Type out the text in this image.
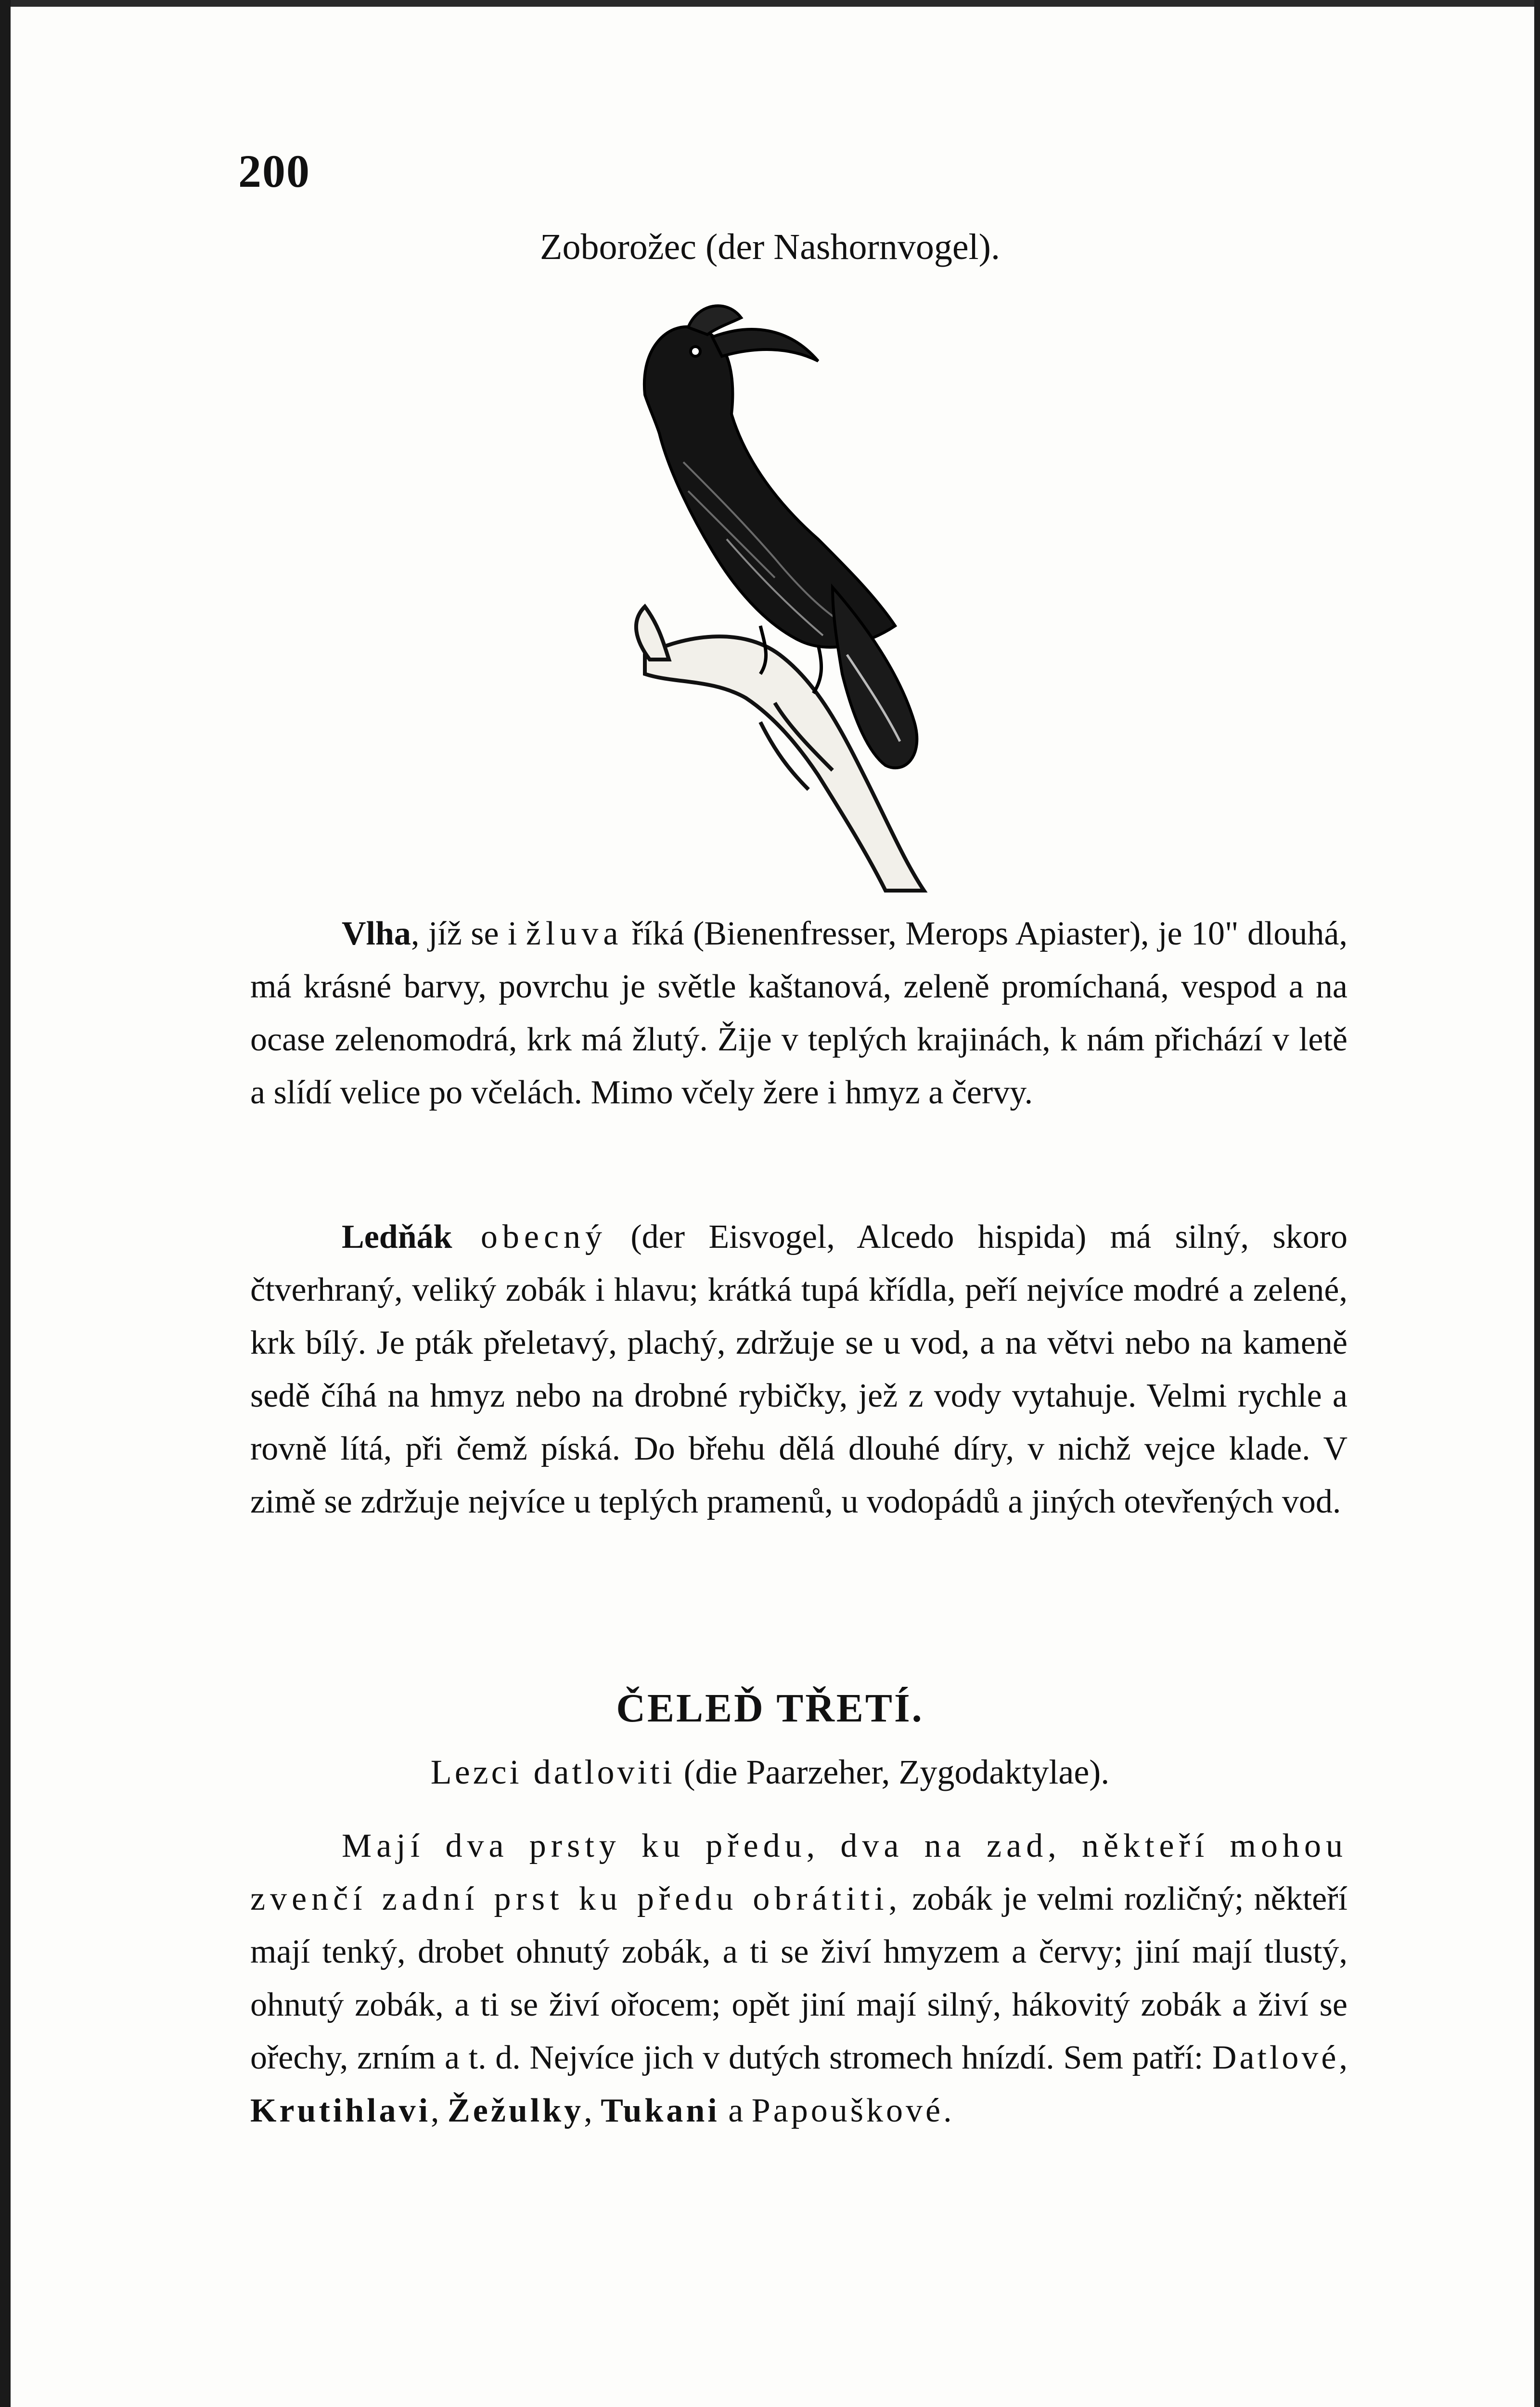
200
Zoborožec (der Nashornvogel).
Vlha, jíž se i žluva říká (Bienenfresser, Merops Apiaster), je 10" dlouhá, má krásné barvy, povrchu je světle kaštanová, zeleně promíchaná, vespod a na ocase zelenomodrá, krk má žlutý. Žije v teplých krajinách, k nám přichází v letě a slídí velice po včelách. Mimo včely žere i hmyz a červy.
Ledňák obecný (der Eisvogel, Alcedo hispida) má silný, skoro čtverhraný, veliký zobák i hlavu; krátká tupá křídla, peří nejvíce modré a zelené, krk bílý. Je pták přeletavý, plachý, zdržuje se u vod, a na větvi nebo na kameně sedě číhá na hmyz nebo na drobné rybičky, jež z vody vytahuje. Velmi rychle a rovně lítá, při čemž píská. Do břehu dělá dlouhé díry, v nichž vejce klade. V zimě se zdržuje nejvíce u teplých pramenů, u vodopádů a jiných otevřených vod.
ČELEĎ TŘETÍ.
Lezci datloviti (die Paarzeher, Zygodaktylae).
Mají dva prsty ku předu, dva na zad, někteří mohou zvenčí zadní prst ku předu obrátiti, zobák je velmi rozličný; někteří mají tenký, drobet ohnutý zobák, a ti se živí hmyzem a červy; jiní mají tlustý, ohnutý zobák, a ti se živí ořocem; opět jiní mají silný, hákovitý zobák a živí se ořechy, zrním a t. d. Nejvíce jich v dutých stromech hnízdí. Sem patří: Datlové, Krutihlavi, Žežulky, Tukani a Papouškové.
